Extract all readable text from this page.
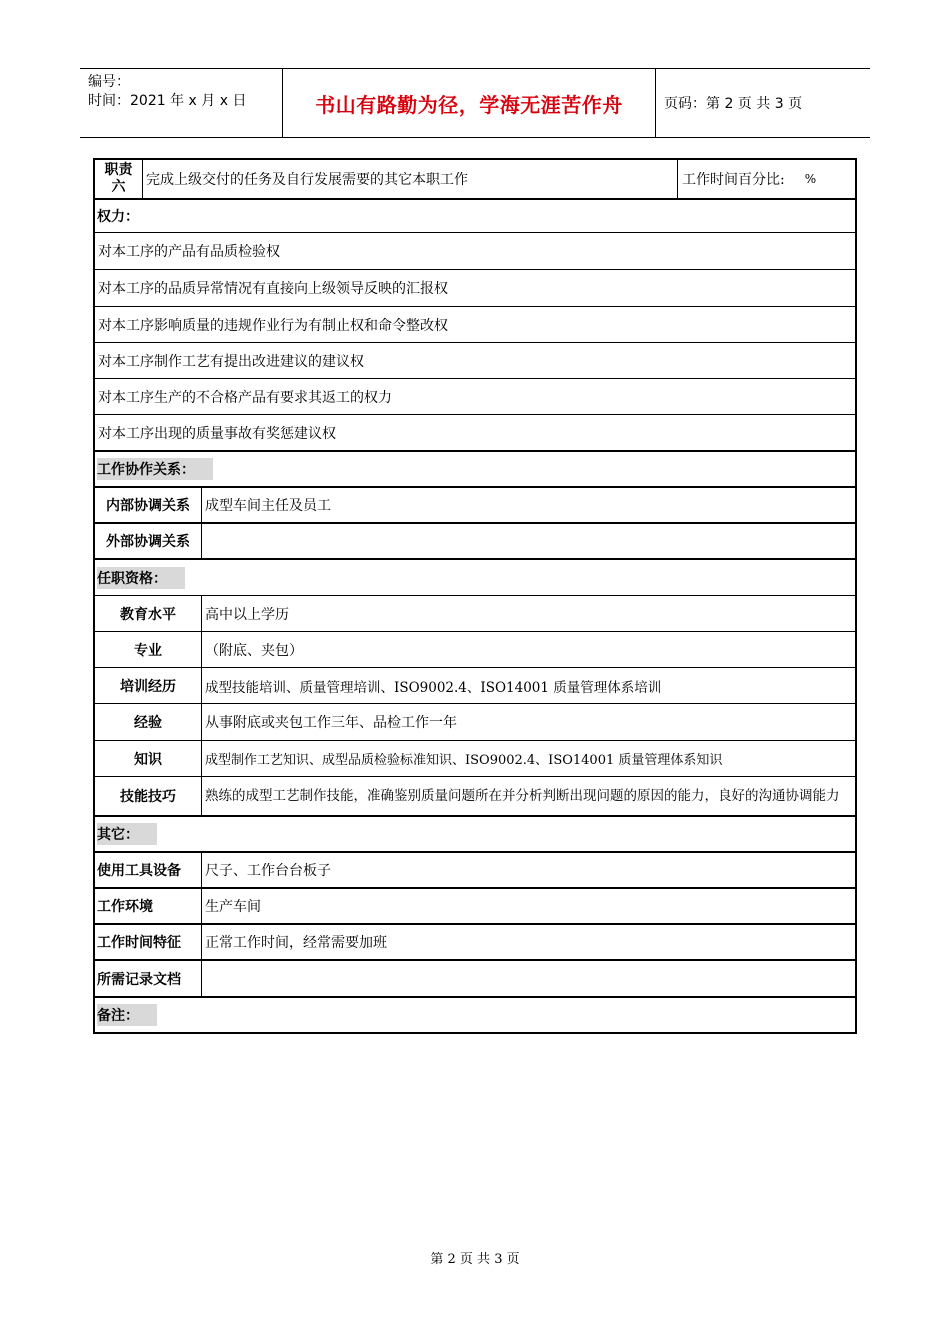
编号：
时间：2021 年 x 月 x 日	书山有路勤为径，学海无涯苦作舟	页码：第 2 页 共 3 页
职责六	完成上级交付的任务及自行发展需要的其它本职工作	工作时间百分比: %
权力：
对本工序的产品有品质检验权
对本工序的品质异常情况有直接向上级领导反映的汇报权
对本工序影响质量的违规作业行为有制止权和命令整改权
对本工序制作工艺有提出改进建议的建议权
对本工序生产的不合格产品有要求其返工的权力
对本工序出现的质量事故有奖惩建议权
工作协作关系：
内部协调关系	成型车间主任及员工
外部协调关系
任职资格：
教育水平	高中以上学历
专业	（附底、夹包）
培训经历	成型技能培训、质量管理培训、ISO9002.4、ISO14001 质量管理体系培训
经验	从事附底或夹包工作三年、品检工作一年
知识	成型制作工艺知识、成型品质检验标准知识、ISO9002.4、ISO14001 质量管理体系知识
技能技巧	熟练的成型工艺制作技能，准确鉴别质量问题所在并分析判断出现问题的原因的能力，良好的沟通协调能力
其它：
使用工具设备	尺子、工作台台板子
工作环境	生产车间
工作时间特征	正常工作时间，经常需要加班
所需记录文档
备注：
第 2 页 共 3 页
